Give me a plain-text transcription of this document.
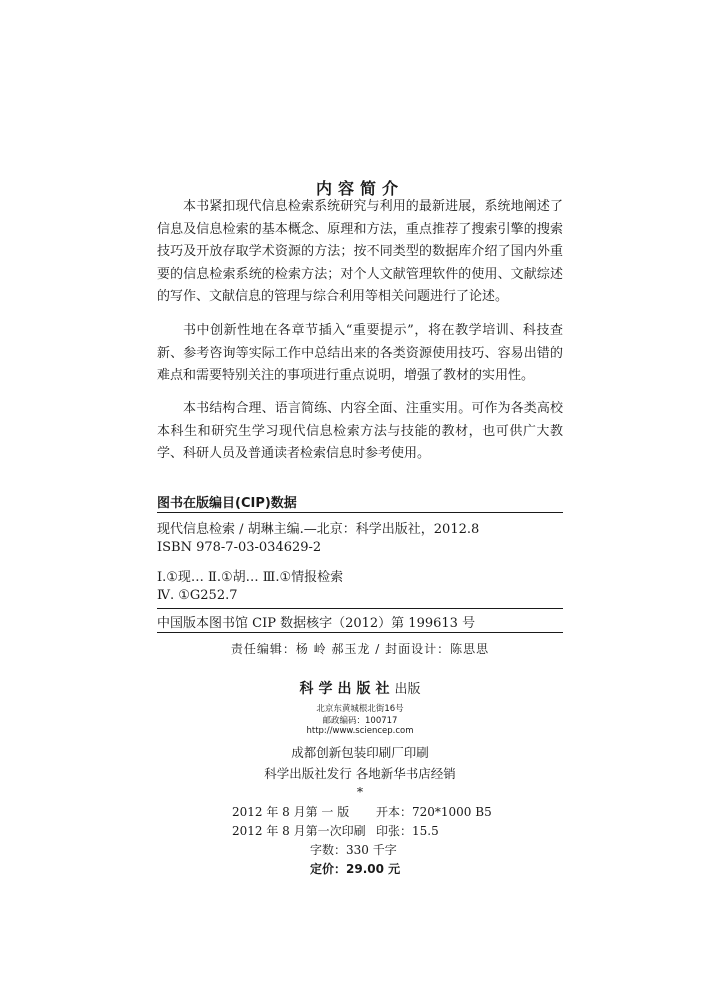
内容简介

本书紧扣现代信息检索系统研究与利用的最新进展，系统地阐述了信息及信息检索的基本概念、原理和方法，重点推荐了搜索引擎的搜索技巧及开放存取学术资源的方法；按不同类型的数据库介绍了国内外重要的信息检索系统的检索方法；对个人文献管理软件的使用、文献综述的写作、文献信息的管理与综合利用等相关问题进行了论述。

书中创新性地在各章节插入“重要提示”，将在教学培训、科技查新、参考咨询等实际工作中总结出来的各类资源使用技巧、容易出错的难点和需要特别关注的事项进行重点说明，增强了教材的实用性。

本书结构合理、语言简练、内容全面、注重实用。可作为各类高校本科生和研究生学习现代信息检索方法与技能的教材，也可供广大教学、科研人员及普通读者检索信息时参考使用。

图书在版编目(CIP)数据
现代信息检索 / 胡琳主编.—北京：科学出版社，2012.8
ISBN 978-7-03-034629-2
Ⅰ.①现… Ⅱ.①胡… Ⅲ.①情报检索
Ⅳ. ①G252.7
中国版本图书馆 CIP 数据核字（2012）第 199613 号
责任编辑：杨 岭 郝玉龙 / 封面设计：陈思思
科学出版社出版
北京东黄城根北街16号
邮政编码：100717
http://www.sciencep.com
成都创新包装印刷厂印刷
科学出版社发行 各地新华书店经销
*
2012 年 8 月第 一 版 开本：720*1000 B5
2012 年 8 月第一次印刷 印张：15.5
字数：330 千字
定价：29.00 元
